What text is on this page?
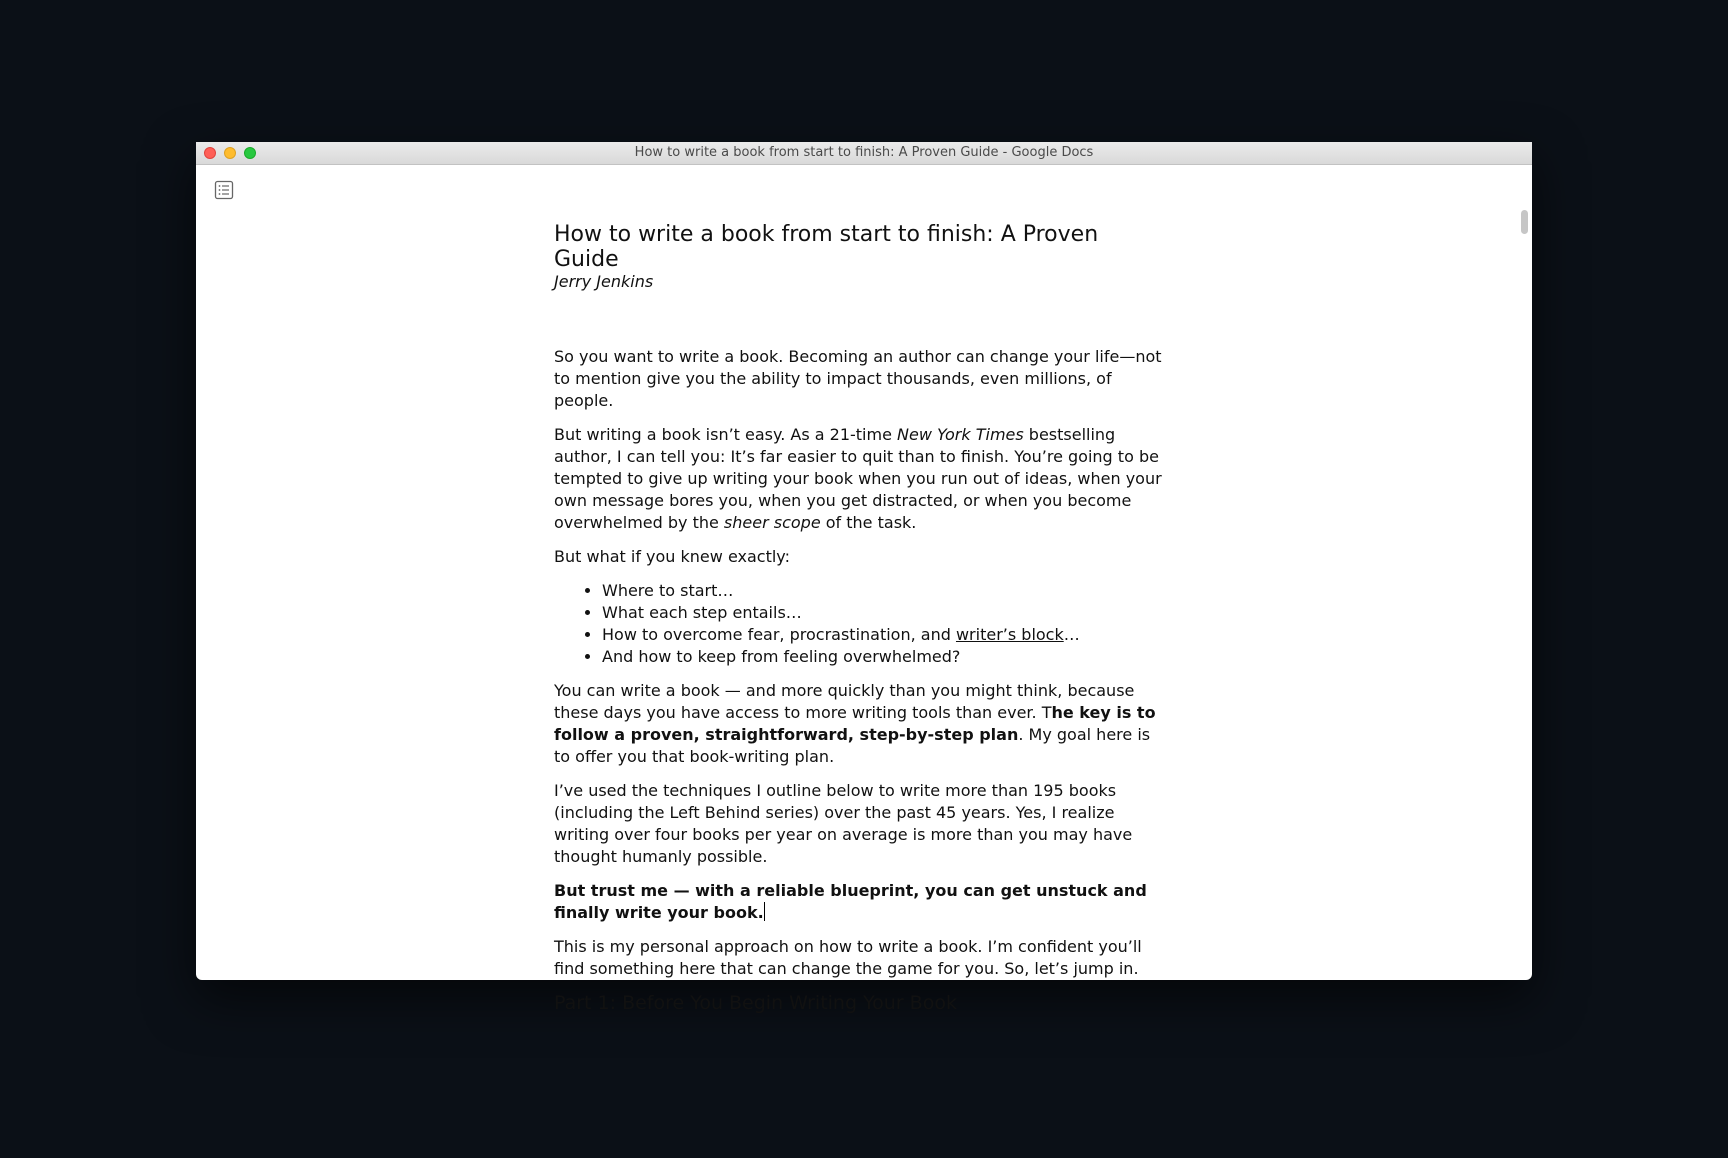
How to write a book from start to finish: A Proven Guide - Google Docs
How to write a book from start to finish: A Proven Guide
Jerry Jenkins

So you want to write a book. Becoming an author can change your life—not to mention give you the ability to impact thousands, even millions, of people.

But writing a book isn’t easy. As a 21-time New York Times bestselling author, I can tell you: It’s far easier to quit than to finish. You’re going to be tempted to give up writing your book when you run out of ideas, when your own message bores you, when you get distracted, or when you become overwhelmed by the sheer scope of the task.

But what if you knew exactly:

• Where to start…
• What each step entails…
• How to overcome fear, procrastination, and writer’s block…
• And how to keep from feeling overwhelmed?

You can write a book — and more quickly than you might think, because these days you have access to more writing tools than ever. The key is to follow a proven, straightforward, step-by-step plan. My goal here is to offer you that book-writing plan.

I’ve used the techniques I outline below to write more than 195 books (including the Left Behind series) over the past 45 years. Yes, I realize writing over four books per year on average is more than you may have thought humanly possible.

But trust me — with a reliable blueprint, you can get unstuck and finally write your book.

This is my personal approach on how to write a book. I’m confident you’ll find something here that can change the game for you. So, let’s jump in.

Part 1: Before You Begin Writing Your Book
